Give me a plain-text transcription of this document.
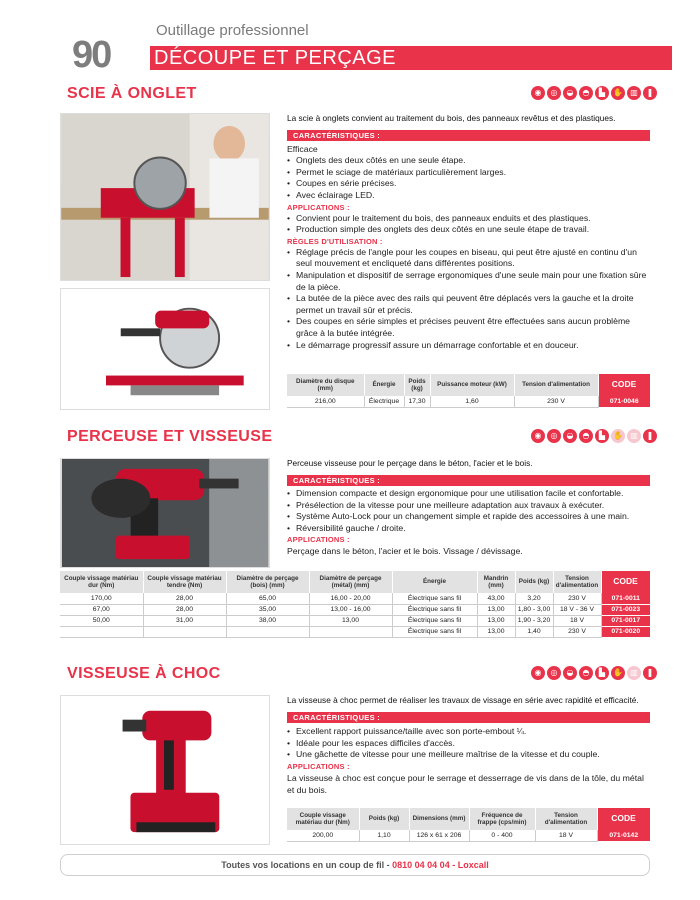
Outillage professionnel
90 DÉCOUPE ET PERÇAGE
SCIE À ONGLET	◉	◎	◒	◓	▙ ✋ ▥	❚
La scie à onglets convient au traitement du bois, des panneaux revêtus et des plastiques.
CARACTÉRISTIQUES :
Efficace
• Onglets des deux côtés en une seule étape.
• Permet le sciage de matériaux particulièrement larges.
• Coupes en série précises.
• Avec éclairage LED.
APPLICATIONS :
• Convient pour le traitement du bois, des panneaux enduits et des plastiques.
• Production simple des onglets des deux côtés en une seule étape de travail.
RÈGLES D'UTILISATION :
• Réglage précis de l'angle pour les coupes en biseau, qui peut être ajusté en continu d'un seul mouvement et encliqueté dans différentes positions.
• Manipulation et dispositif de serrage ergonomiques d'une seule main pour une fixation sûre de la pièce.
• La butée de la pièce avec des rails qui peuvent être déplacés vers la gauche et la droite permet un travail sûr et précis.
• Des coupes en série simples et précises peuvent être effectuées sans aucun problème grâce à la butée intégrée.
• Le démarrage progressif assure un démarrage confortable et en douceur.
Diamètre du disque (mm)	Énergie	Poids (kg)	Puissance moteur (kW)	Tension d'alimentation	CODE
216,00	Électrique	17,30	1,60	230 V	071-0046
PERCEUSE ET VISSEUSE	◉	◎	◒	◓	▙ ✋ ▥	❚
Perceuse visseuse pour le perçage dans le béton, l'acier et le bois.
CARACTÉRISTIQUES :
• Dimension compacte et design ergonomique pour une utilisation facile et confortable.
• Présélection de la vitesse pour une meilleure adaptation aux travaux à exécuter.
• Système Auto-Lock pour un changement simple et rapide des accessoires à une main.
• Réversibilité gauche / droite.
APPLICATIONS :
Perçage dans le béton, l'acier et le bois. Vissage / dévissage.
Couple vissage matériau dur (Nm)	Couple vissage matériau tendre (Nm)	Diamètre de perçage (bois) (mm)	Diamètre de perçage (métal) (mm)	Énergie	Mandrin (mm)	Poids (kg)	Tension d'alimentation	CODE
170,00	28,00	65,00	16,00 - 20,00	Électrique sans fil	43,00	3,20	230 V	071-0011
67,00	28,00	35,00	13,00 - 16,00	Électrique sans fil	13,00	1,80 - 3,00	18 V - 36 V	071-0023
50,00	31,00	38,00	13,00	Électrique sans fil	13,00	1,90 - 3,20	18 V	071-0017
				Électrique sans fil	13,00	1,40	230 V	071-0020
VISSEUSE À CHOC	◉	◎	◒	◓	▙ ✋ ▥	❚
La visseuse à choc permet de réaliser les travaux de vissage en série avec rapidité et efficacité.
CARACTÉRISTIQUES :
• Excellent rapport puissance/taille avec son porte-embout ¼.
• Idéale pour les espaces difficiles d'accès.
• Une gâchette de vitesse pour une meilleure maîtrise de la vitesse et du couple.
APPLICATIONS :
La visseuse à choc est conçue pour le serrage et desserrage de vis dans de la tôle, du métal et du bois.
Couple vissage matériau dur (Nm)	Poids (kg)	Dimensions (mm)	Fréquence de frappe (cps/min)	Tension d'alimentation	CODE
200,00	1,10	126 x 61 x 206	0 - 400	18 V	071-0142
Toutes vos locations en un coup de fil - 0810 04 04 04 - Loxcall
